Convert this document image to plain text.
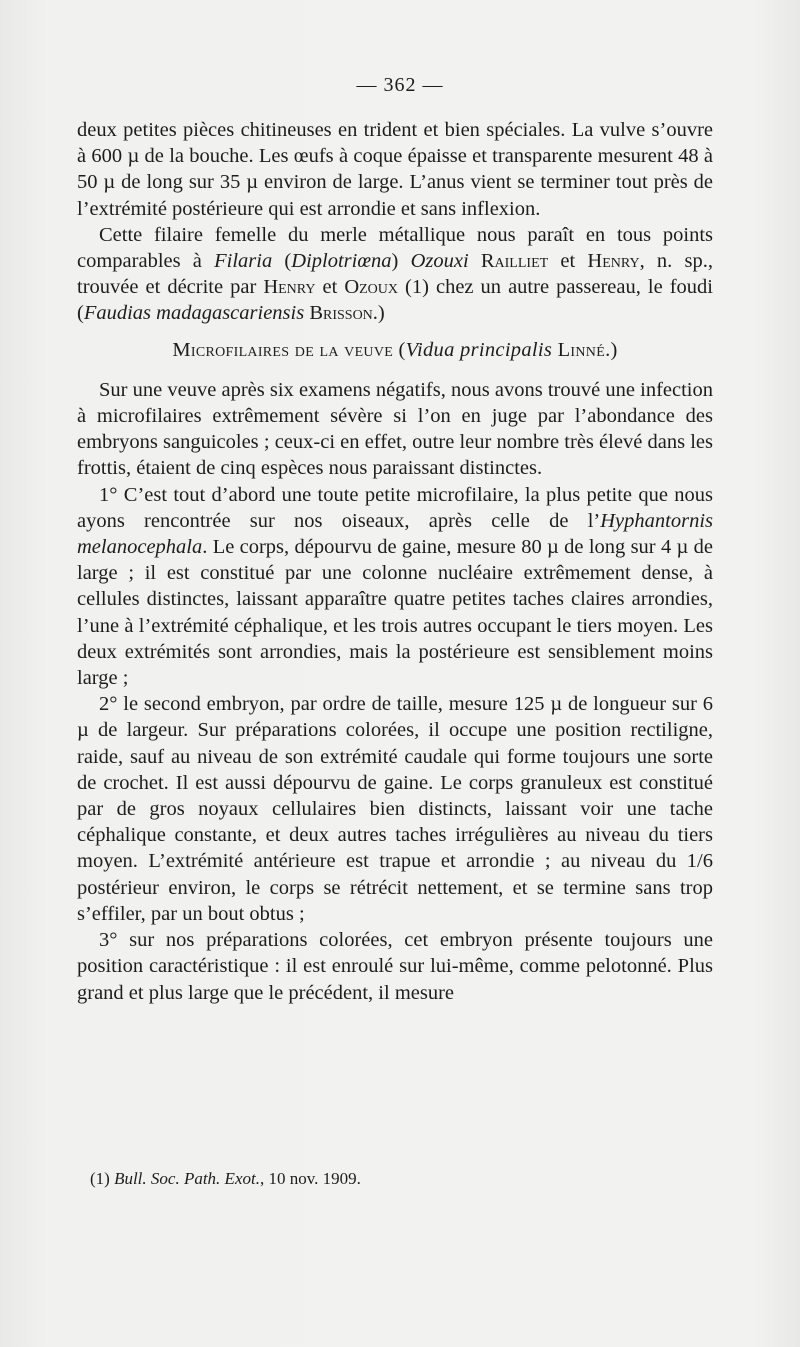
— 362 —

deux petites pièces chitineuses en trident et bien spéciales. La vulve s’ouvre à 600 µ de la bouche. Les œufs à coque épaisse et transparente mesurent 48 à 50 µ de long sur 35 µ environ de large. L’anus vient se terminer tout près de l’extrémité postérieure qui est arrondie et sans inflexion.

Cette filaire femelle du merle métallique nous paraît en tous points comparables à Filaria (Diplotriœna) Ozouxi Railliet et Henry, n. sp., trouvée et décrite par Henry et Ozoux (1) chez un autre passereau, le foudi (Faudias madagascariensis Brisson.)

Microfilaires de la veuve (Vidua principalis Linné.)

Sur une veuve après six examens négatifs, nous avons trouvé une infection à microfilaires extrêmement sévère si l’on en juge par l’abondance des embryons sanguicoles ; ceux-ci en effet, outre leur nombre très élevé dans les frottis, étaient de cinq espèces nous paraissant distinctes.

1° C’est tout d’abord une toute petite microfilaire, la plus petite que nous ayons rencontrée sur nos oiseaux, après celle de l’Hyphantornis melanocephala. Le corps, dépourvu de gaine, mesure 80 µ de long sur 4 µ de large ; il est constitué par une colonne nucléaire extrêmement dense, à cellules distinctes, laissant apparaître quatre petites taches claires arrondies, l’une à l’extrémité céphalique, et les trois autres occupant le tiers moyen. Les deux extrémités sont arrondies, mais la postérieure est sensiblement moins large ;

2° le second embryon, par ordre de taille, mesure 125 µ de longueur sur 6 µ de largeur. Sur préparations colorées, il occupe une position rectiligne, raide, sauf au niveau de son extrémité caudale qui forme toujours une sorte de crochet. Il est aussi dépourvu de gaine. Le corps granuleux est constitué par de gros noyaux cellulaires bien distincts, laissant voir une tache céphalique constante, et deux autres taches irrégulières au niveau du tiers moyen. L’extrémité antérieure est trapue et arrondie ; au niveau du 1/6 postérieur environ, le corps se rétrécit nettement, et se termine sans trop s’effiler, par un bout obtus ;

3° sur nos préparations colorées, cet embryon présente toujours une position caractéristique : il est enroulé sur lui-même, comme pelotonné. Plus grand et plus large que le précédent, il mesure

(1) Bull. Soc. Path. Exot., 10 nov. 1909.
